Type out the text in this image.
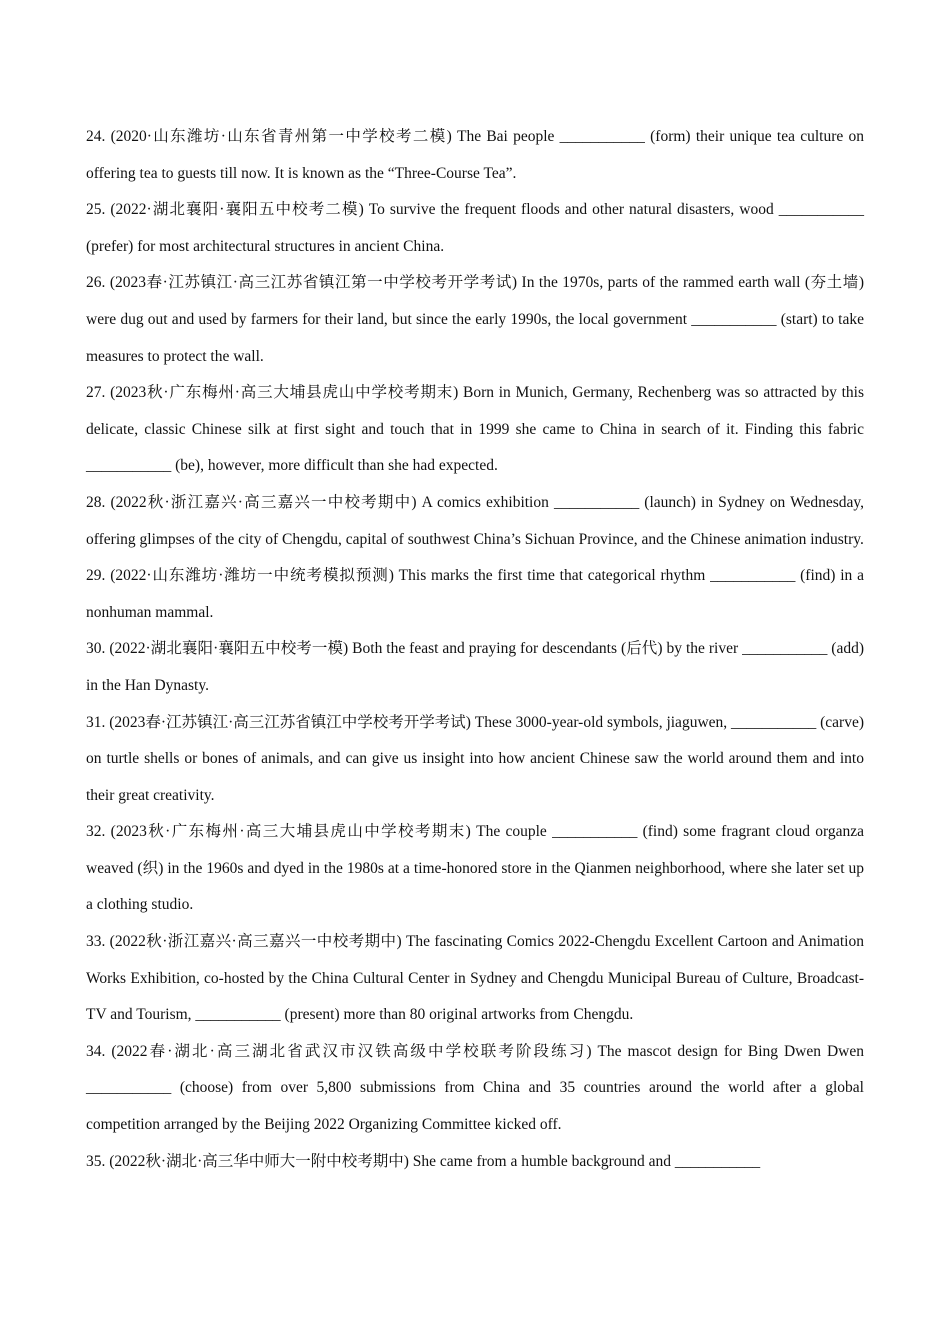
24. (2020·山东潍坊·山东省青州第一中学校考二模) The Bai people ___________ (form) their unique tea culture on offering tea to guests till now. It is known as the “Three-Course Tea”.

25. (2022·湖北襄阳·襄阳五中校考二模) To survive the frequent floods and other natural disasters, wood ___________ (prefer) for most architectural structures in ancient China.

26. (2023春·江苏镇江·高三江苏省镇江第一中学校考开学考试) In the 1970s, parts of the rammed earth wall (夯土墙) were dug out and used by farmers for their land, but since the early 1990s, the local government ___________ (start) to take measures to protect the wall.

27. (2023秋·广东梅州·高三大埔县虎山中学校考期末) Born in Munich, Germany, Rechenberg was so attracted by this delicate, classic Chinese silk at first sight and touch that in 1999 she came to China in search of it. Finding this fabric ___________ (be), however, more difficult than she had expected.

28. (2022秋·浙江嘉兴·高三嘉兴一中校考期中) A comics exhibition ___________ (launch) in Sydney on Wednesday, offering glimpses of the city of Chengdu, capital of southwest China’s Sichuan Province, and the Chinese animation industry.

29. (2022·山东潍坊·潍坊一中统考模拟预测) This marks the first time that categorical rhythm ___________ (find) in a nonhuman mammal.

30. (2022·湖北襄阳·襄阳五中校考一模) Both the feast and praying for descendants (后代) by the river ___________ (add) in the Han Dynasty.

31. (2023春·江苏镇江·高三江苏省镇江中学校考开学考试) These 3000-year-old symbols, jiaguwen, ___________ (carve) on turtle shells or bones of animals, and can give us insight into how ancient Chinese saw the world around them and into their great creativity.

32. (2023秋·广东梅州·高三大埔县虎山中学校考期末) The couple ___________ (find) some fragrant cloud organza weaved (织) in the 1960s and dyed in the 1980s at a time-honored store in the Qianmen neighborhood, where she later set up a clothing studio.

33. (2022秋·浙江嘉兴·高三嘉兴一中校考期中) The fascinating Comics 2022-Chengdu Excellent Cartoon and Animation Works Exhibition, co-hosted by the China Cultural Center in Sydney and Chengdu Municipal Bureau of Culture, Broadcast-TV and Tourism, ___________ (present) more than 80 original artworks from Chengdu.

34. (2022春·湖北·高三湖北省武汉市汉铁高级中学校联考阶段练习) The mascot design for Bing Dwen Dwen ___________ (choose) from over 5,800 submissions from China and 35 countries around the world after a global competition arranged by the Beijing 2022 Organizing Committee kicked off.

35. (2022秋·湖北·高三华中师大一附中校考期中) She came from a humble background and ___________
